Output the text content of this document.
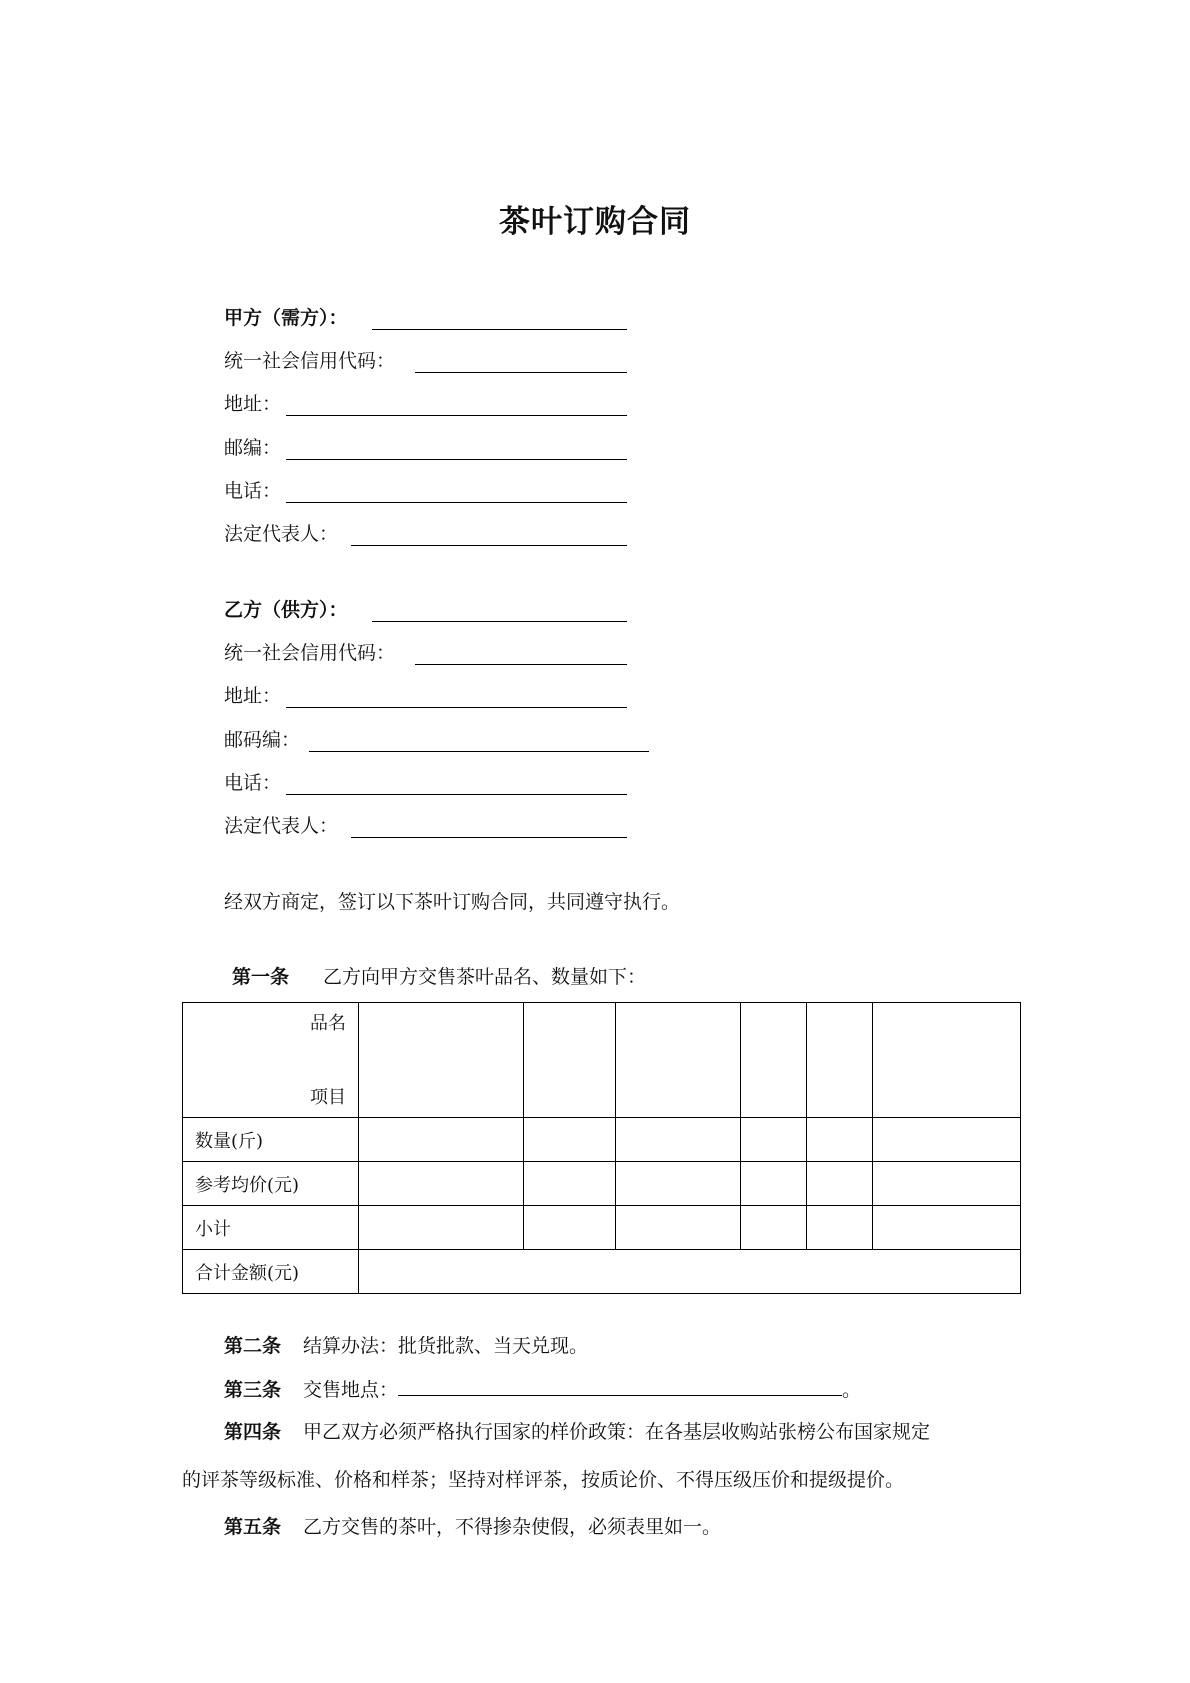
茶叶订购合同
甲方（需方）：
统一社会信用代码：
地址：
邮编：
电话：
法定代表人：
乙方（供方）：
统一社会信用代码：
地址：
邮码编：
电话：
法定代表人：
经双方商定，签订以下茶叶订购合同，共同遵守执行。
第一条 乙方向甲方交售茶叶品名、数量如下：
品名
项目						

数量(斤)						
参考均价(元)						
小计						
合计金额(元)						
第二条 结算办法：批货批款、当天兑现。
第三条 交售地点：	。
第四条 甲乙双方必须严格执行国家的样价政策：在各基层收购站张榜公布国家规定
的评茶等级标准、价格和样茶；坚持对样评茶，按质论价、不得压级压价和提级提价。
第五条 乙方交售的茶叶，不得掺杂使假，必须表里如一。
